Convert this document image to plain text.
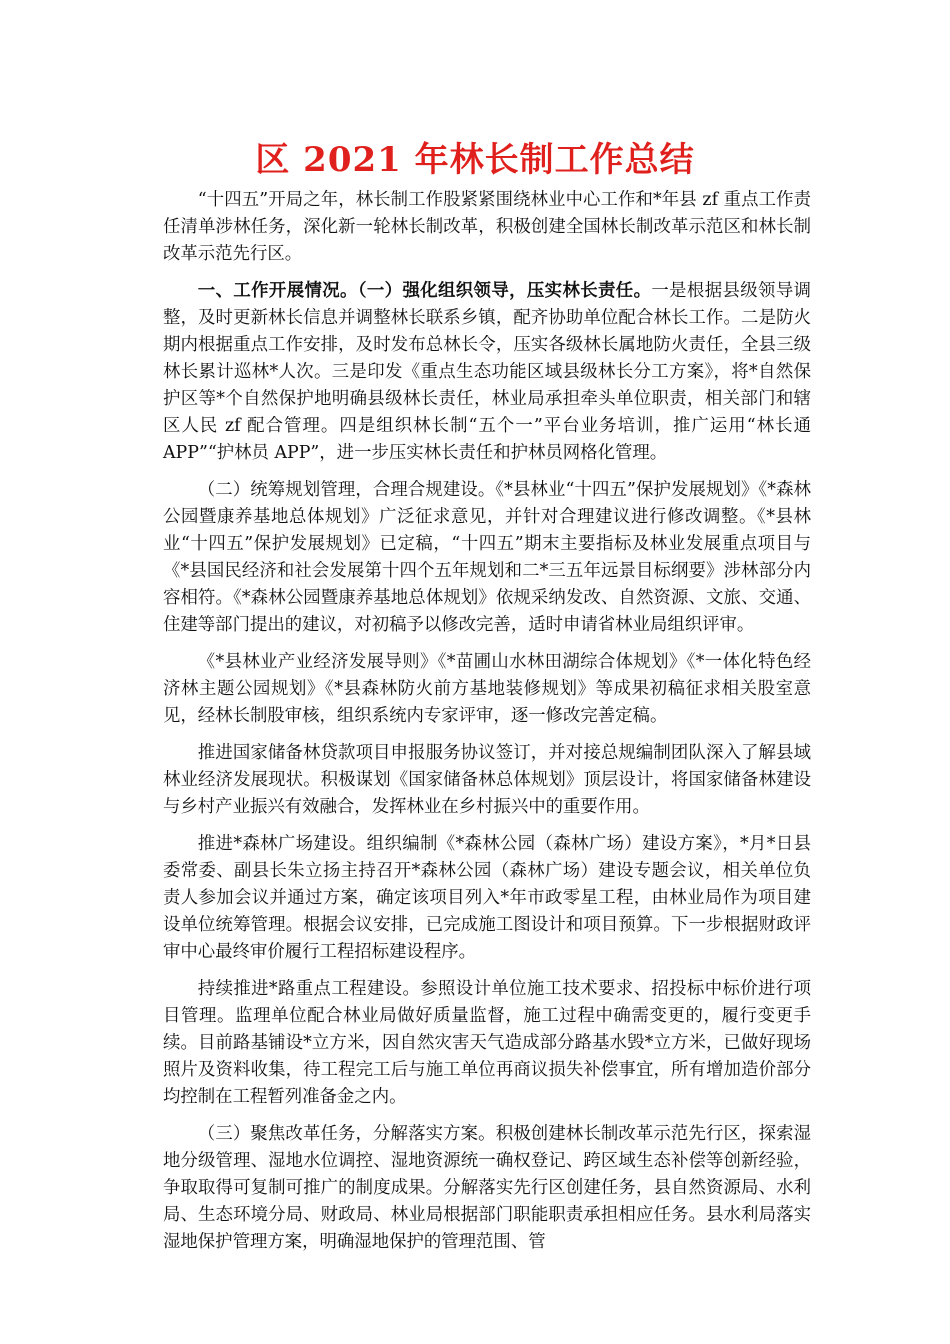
区 2021 年林长制工作总结

“十四五”开局之年，林长制工作股紧紧围绕林业中心工作和*年县 zf 重点工作责任清单涉林任务，深化新一轮林长制改革，积极创建全国林长制改革示范区和林长制改革示范先行区。

一、工作开展情况。（一）强化组织领导，压实林长责任。一是根据县级领导调整，及时更新林长信息并调整林长联系乡镇，配齐协助单位配合林长工作。二是防火期内根据重点工作安排，及时发布总林长令，压实各级林长属地防火责任，全县三级林长累计巡林*人次。三是印发《重点生态功能区域县级林长分工方案》，将*自然保护区等*个自然保护地明确县级林长责任，林业局承担牵头单位职责，相关部门和辖区人民 zf 配合管理。四是组织林长制“五个一”平台业务培训，推广运用“林长通 APP”“护林员 APP”，进一步压实林长责任和护林员网格化管理。

（二）统筹规划管理，合理合规建设。《*县林业“十四五”保护发展规划》《*森林公园暨康养基地总体规划》广泛征求意见，并针对合理建议进行修改调整。《*县林业“十四五”保护发展规划》已定稿，“十四五”期末主要指标及林业发展重点项目与《*县国民经济和社会发展第十四个五年规划和二*三五年远景目标纲要》涉林部分内容相符。《*森林公园暨康养基地总体规划》依规采纳发改、自然资源、文旅、交通、住建等部门提出的建议，对初稿予以修改完善，适时申请省林业局组织评审。

《*县林业产业经济发展导则》《*苗圃山水林田湖综合体规划》《*一体化特色经济林主题公园规划》《*县森林防火前方基地装修规划》等成果初稿征求相关股室意见，经林长制股审核，组织系统内专家评审，逐一修改完善定稿。

推进国家储备林贷款项目申报服务协议签订，并对接总规编制团队深入了解县域林业经济发展现状。积极谋划《国家储备林总体规划》顶层设计，将国家储备林建设与乡村产业振兴有效融合，发挥林业在乡村振兴中的重要作用。

推进*森林广场建设。组织编制《*森林公园（森林广场）建设方案》，*月*日县委常委、副县长朱立扬主持召开*森林公园（森林广场）建设专题会议，相关单位负责人参加会议并通过方案，确定该项目列入*年市政零星工程，由林业局作为项目建设单位统筹管理。根据会议安排，已完成施工图设计和项目预算。下一步根据财政评审中心最终审价履行工程招标建设程序。

持续推进*路重点工程建设。参照设计单位施工技术要求、招投标中标价进行项目管理。监理单位配合林业局做好质量监督，施工过程中确需变更的，履行变更手续。目前路基铺设*立方米，因自然灾害天气造成部分路基水毁*立方米，已做好现场照片及资料收集，待工程完工后与施工单位再商议损失补偿事宜，所有增加造价部分均控制在工程暂列准备金之内。

（三）聚焦改革任务，分解落实方案。积极创建林长制改革示范先行区，探索湿地分级管理、湿地水位调控、湿地资源统一确权登记、跨区域生态补偿等创新经验，争取取得可复制可推广的制度成果。分解落实先行区创建任务，县自然资源局、水利局、生态环境分局、财政局、林业局根据部门职能职责承担相应任务。县水利局落实湿地保护管理方案，明确湿地保护的管理范围、管
